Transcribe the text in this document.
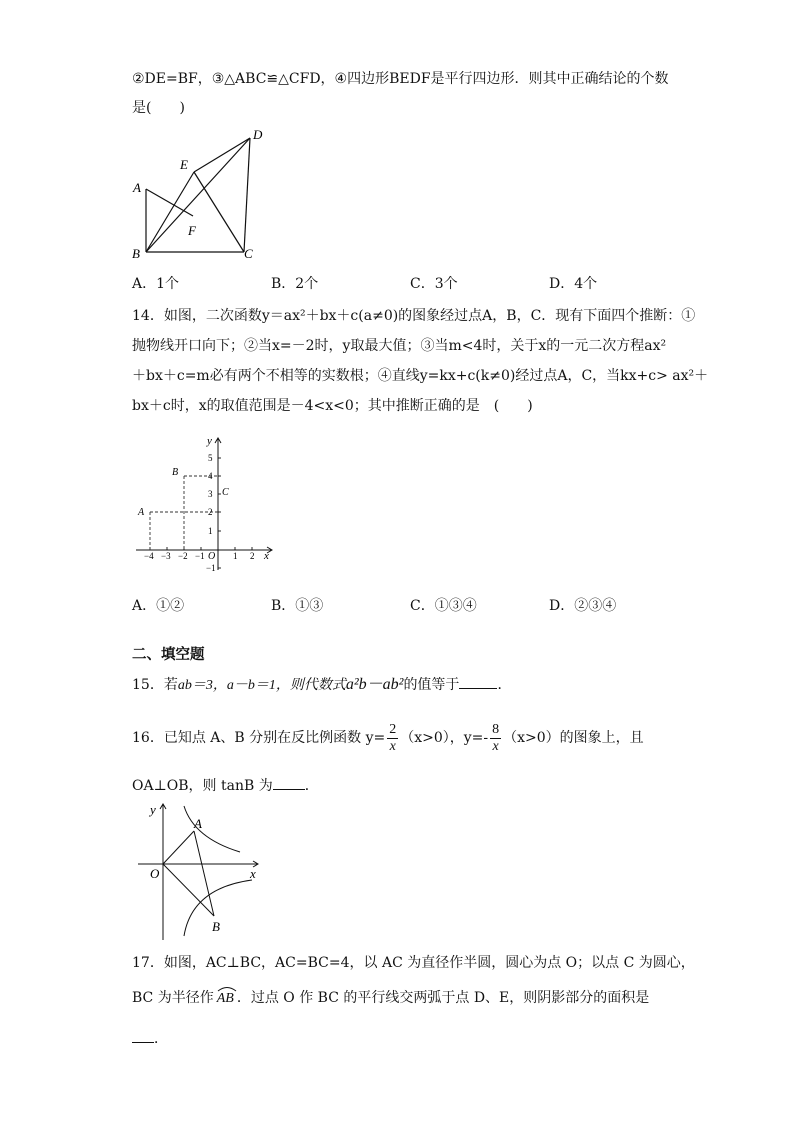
②DE=BF，③△ABC≌△CFD，④四边形BEDF是平行四边形．则其中正确结论的个数
是(　　)
A
B	C
D
E
F
A．1个	B．2个	C．3个	D．4个
14．如图，二次函数y＝ax²＋bx＋c(a≠0)的图象经过点A，B，C．现有下面四个推断：①
抛物线开口向下；②当x=－2时，y取最大值；③当m<4时，关于x的一元二次方程ax²
＋bx＋c=m必有两个不相等的实数根；④直线y=kx+c(k≠0)经过点A，C，当kx+c> ax²＋
bx＋c时，x的取值范围是－4<x<0；其中推断正确的是　(　　)
y
x
O
−4 −3 −2 −1	1 2
5
4
3
2
1
−1
A
B
C
A．①②	B．①③	C．①③④	D．②③④
二、填空题
15．若ab＝3，a－b＝1，则代数式a²b－ab²的值等于	．
16．已知点 A、B 分别在反比例函数 $y= \frac{2}{x} (x>0)$，$y=- \frac{8}{x} (x>0)$的图象上，且
OA⊥OB，则 tanB 为 ．
y
x
O
A
B
17．如图，AC⊥BC，AC=BC=4，以 AC 为直径作半圆，圆心为点 O；以点 C 为圆心，
BC 为半径作 AB ．过点 O 作 BC 的平行线交两弧于点 D、E，则阴影部分的面积是
．
